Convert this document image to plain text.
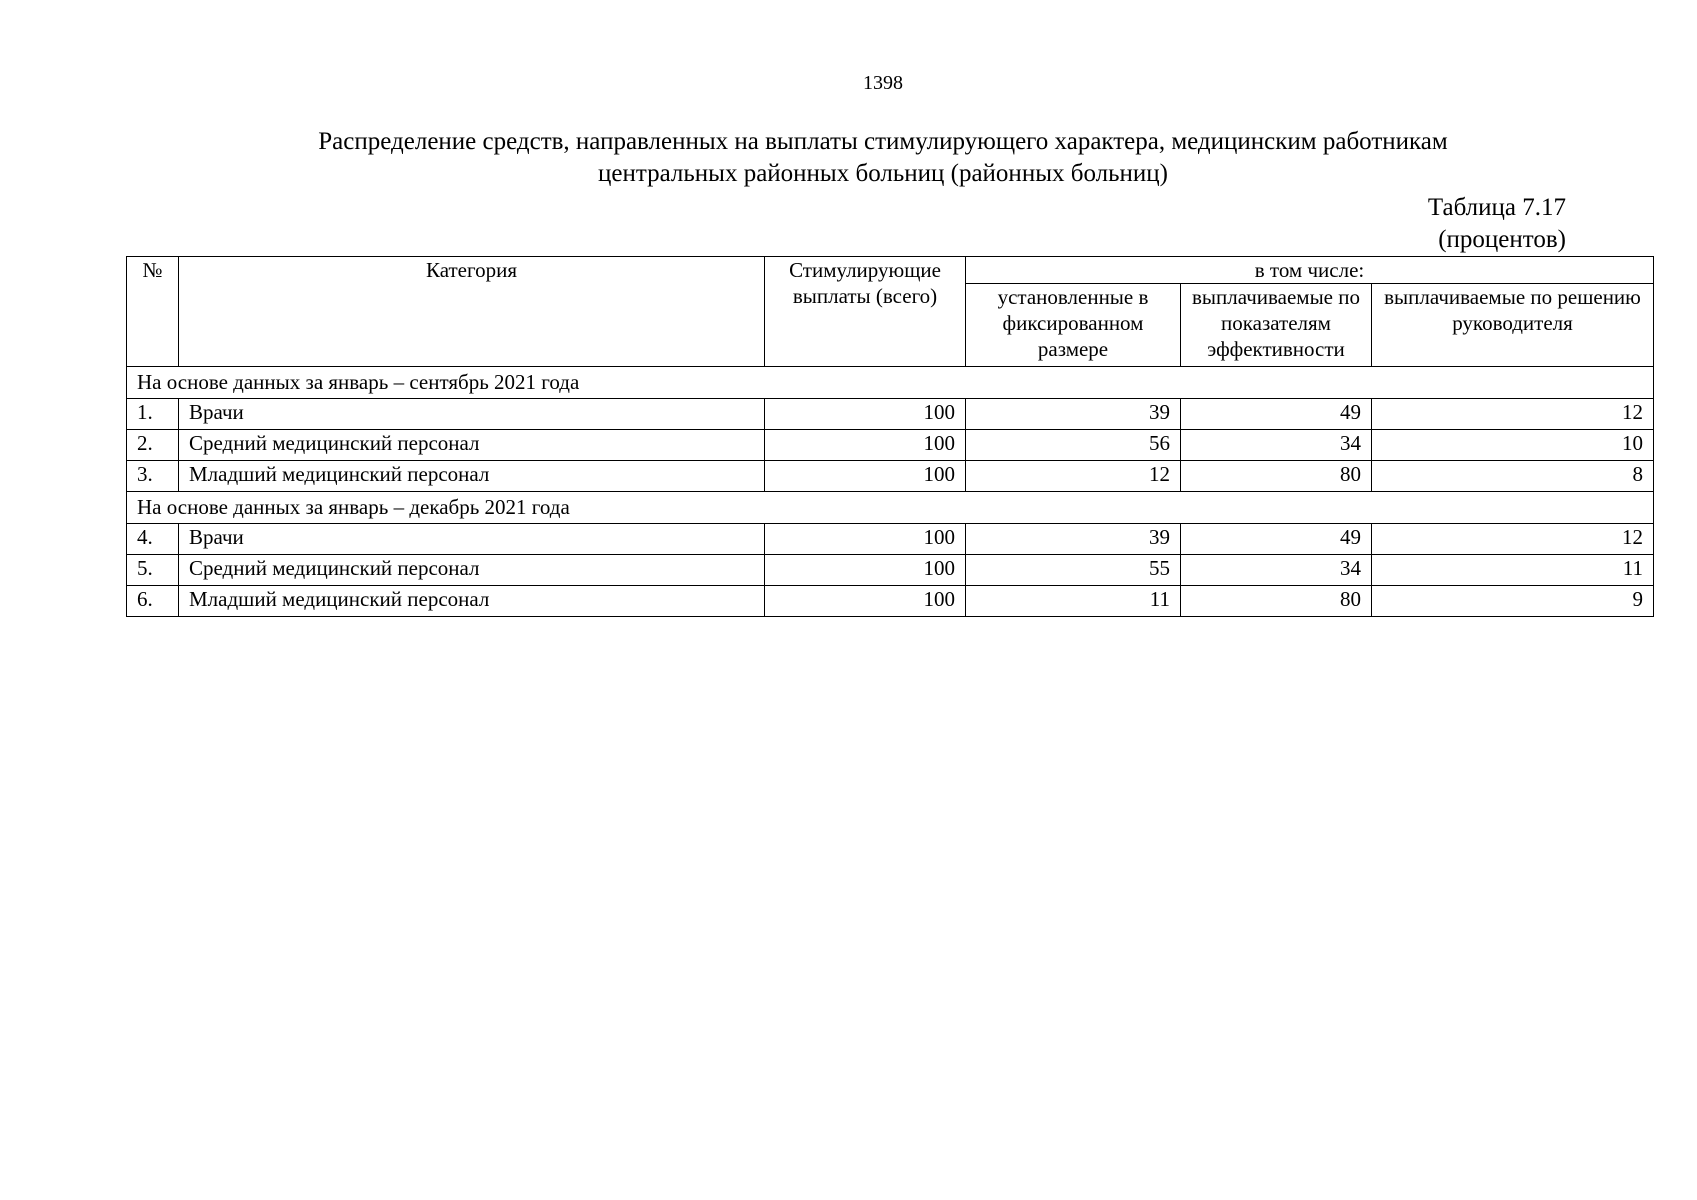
1398
Распределение средств, направленных на выплаты стимулирующего характера, медицинским работникам
центральных районных больниц (районных больниц)
Таблица 7.17
(процентов)
№	Категория	Стимулирующие выплаты (всего)	в том числе:		
			установленные в фиксированном размере	выплачиваемые по показателям эффективности	выплачиваемые по решению руководителя
На основе данных за январь – сентябрь 2021 года					
1.	Врачи	100	39	49	12
2.	Средний медицинский персонал	100	56	34	10
3.	Младший медицинский персонал	100	12	80	8
На основе данных за январь – декабрь 2021 года					
4.	Врачи	100	39	49	12
5.	Средний медицинский персонал	100	55	34	11
6.	Младший медицинский персонал	100	11	80	9
